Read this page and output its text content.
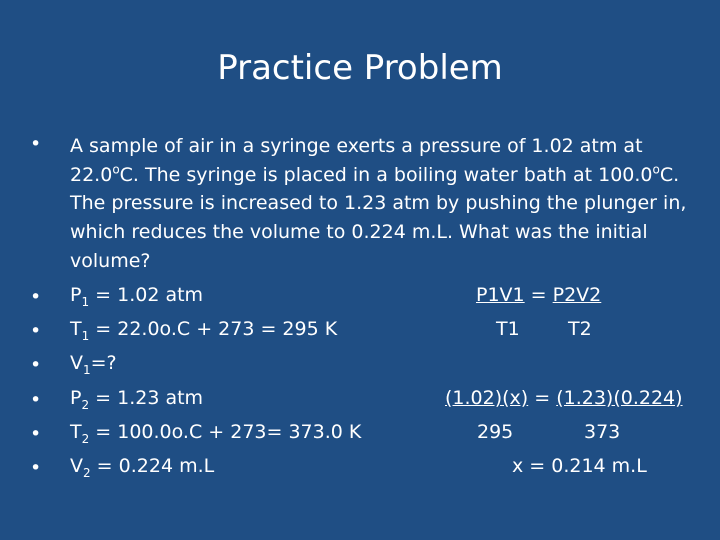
Practice Problem
• A sample of air in a syringe exerts a pressure of 1.02 atm at 22.0$^o$C. The syringe is placed in a boiling water bath at 100.0$^o$C. The pressure is increased to 1.23 atm by pushing the plunger in, which reduces the volume to 0.224 m.L. What was the initial volume?
• $P_1 = 1.02$ atm
• $T_1 = 22.0o.C + 273 = 295$ K
• $V_1=$?
• $P_2 = 1.23$ atm
• $T_2 = 100.0o.C + 273= 373.0$ K
• $V_2 = 0.224$ m.L
P1V1 = P2V2
T1	T2
(1.02)(x) = (1.23)(0.224)
295	373
x = 0.214 m.L
